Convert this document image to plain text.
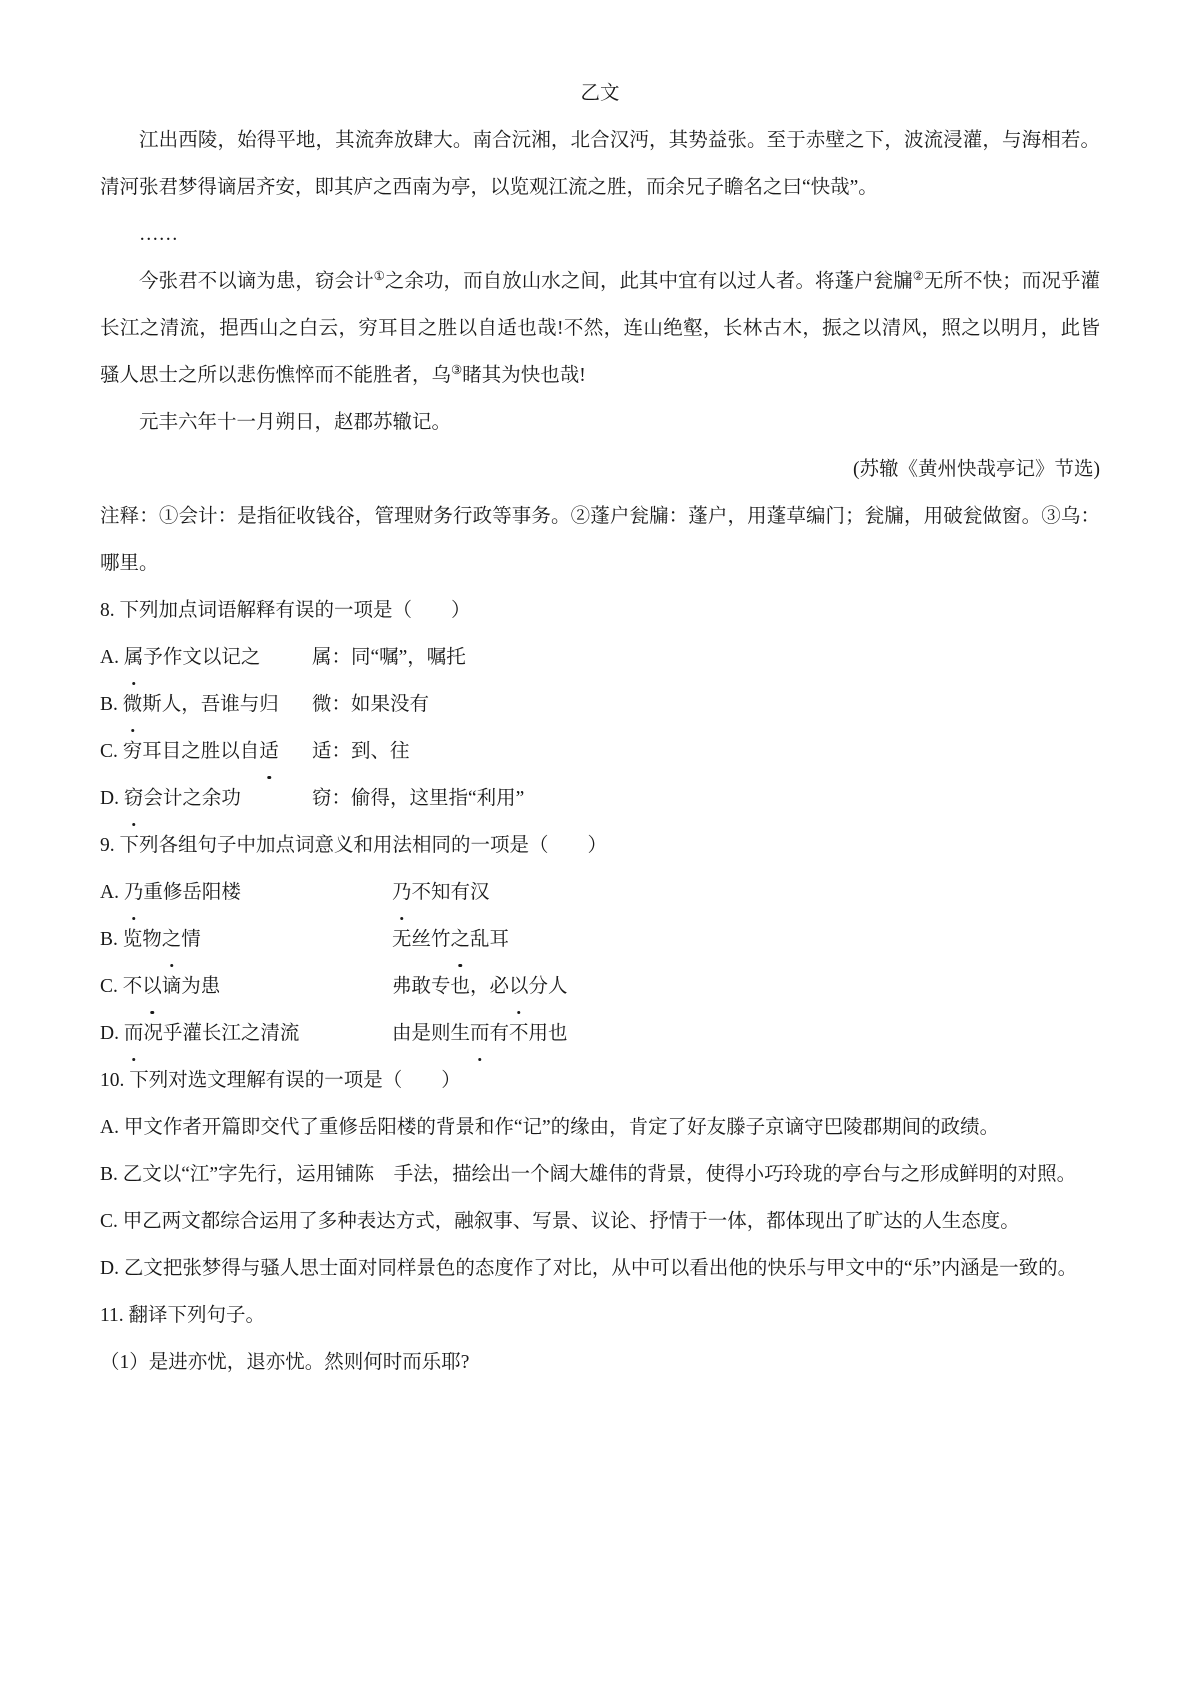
乙文

江出西陵，始得平地，其流奔放肆大。南合沅湘，北合汉沔，其势益张。至于赤壁之下，波流浸灌，与海相若。清河张君梦得谪居齐安，即其庐之西南为亭，以览观江流之胜，而余兄子瞻名之曰“快哉”。

……

今张君不以谪为患，窃会计①之余功，而自放山水之间，此其中宜有以过人者。将蓬户瓮牖②无所不快；而况乎灌长江之清流，挹西山之白云，穷耳目之胜以自适也哉!不然，连山绝壑，长林古木，振之以清风，照之以明月，此皆骚人思士之所以悲伤憔悴而不能胜者，乌③睹其为快也哉!

元丰六年十一月朔日，赵郡苏辙记。

(苏辙《黄州快哉亭记》节选)

注释：①会计：是指征收钱谷，管理财务行政等事务。②蓬户瓮牖：蓬户，用蓬草编门；瓮牖，用破瓮做窗。③乌：哪里。

8. 下列加点词语解释有误的一项是（　　）

A. 属予作文以记之	属：同“嘱”，嘱托
B. 微斯人，吾谁与归	微：如果没有
C. 穷耳目之胜以自适	适：到、往
D. 窃会计之余功	窃：偷得，这里指“利用”

9. 下列各组句子中加点词意义和用法相同的一项是（　　）

A. 乃重修岳阳楼	乃不知有汉
B. 览物之情	无丝竹之乱耳
C. 不以谪为患	弗敢专也，必以分人
D. 而况乎灌长江之清流	由是则生而有不用也

10. 下列对选文理解有误的一项是（　　）

A. 甲文作者开篇即交代了重修岳阳楼的背景和作“记”的缘由，肯定了好友滕子京谪守巴陵郡期间的政绩。

B. 乙文以“江”字先行，运用铺陈　手法，描绘出一个阔大雄伟的背景，使得小巧玲珑的亭台与之形成鲜明的对照。

C. 甲乙两文都综合运用了多种表达方式，融叙事、写景、议论、抒情于一体，都体现出了旷达的人生态度。

D. 乙文把张梦得与骚人思士面对同样景色的态度作了对比，从中可以看出他的快乐与甲文中的“乐”内涵是一致的。

11. 翻译下列句子。

（1）是进亦忧，退亦忧。然则何时而乐耶?
